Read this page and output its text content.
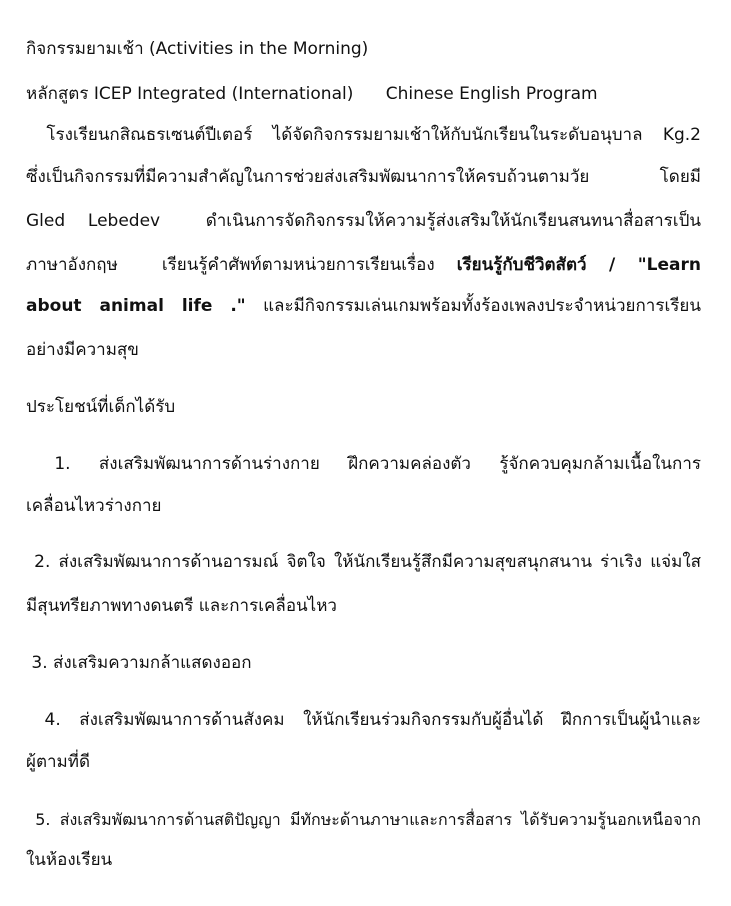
กิจกรรมยามเช้า (Activities in the Morning)
หลักสูตร ICEP Integrated (International)      Chinese English Program
โรงเรียนกสิณธรเซนต์ปีเตอร์ ได้จัดกิจกรรมยามเช้าให้กับนักเรียนในระดับอนุบาล Kg.2
ซึ่งเป็นกิจกรรมที่มีความสำคัญในการช่วยส่งเสริมพัฒนาการให้ครบถ้วนตามวัย โดยมี
Gled Lebedev  ดำเนินการจัดกิจกรรมให้ความรู้ส่งเสริมให้นักเรียนสนทนาสื่อสารเป็น
ภาษาอังกฤษ  เรียนรู้คำศัพท์ตามหน่วยการเรียนเรื่อง เรียนรู้กับชีวิตสัตว์ / "Learn
about animal life ." และมีกิจกรรมเล่นเกมพร้อมทั้งร้องเพลงประจำหน่วยการเรียน
อย่างมีความสุข
ประโยชน์ที่เด็กได้รับ
1. ส่งเสริมพัฒนาการด้านร่างกาย ฝึกความคล่องตัว รู้จักควบคุมกล้ามเนื้อในการ
เคลื่อนไหวร่างกาย
2. ส่งเสริมพัฒนาการด้านอารมณ์ จิตใจ ให้นักเรียนรู้สึกมีความสุขสนุกสนาน ร่าเริง แจ่มใส
มีสุนทรียภาพทางดนตรี และการเคลื่อนไหว
3. ส่งเสริมความกล้าแสดงออก
4. ส่งเสริมพัฒนาการด้านสังคม ให้นักเรียนร่วมกิจกรรมกับผู้อื่นได้ ฝึกการเป็นผู้นำและ
ผู้ตามที่ดี
5. ส่งเสริมพัฒนาการด้านสติปัญญา มีทักษะด้านภาษาและการสื่อสาร ได้รับความรู้นอกเหนือจาก
ในห้องเรียน
